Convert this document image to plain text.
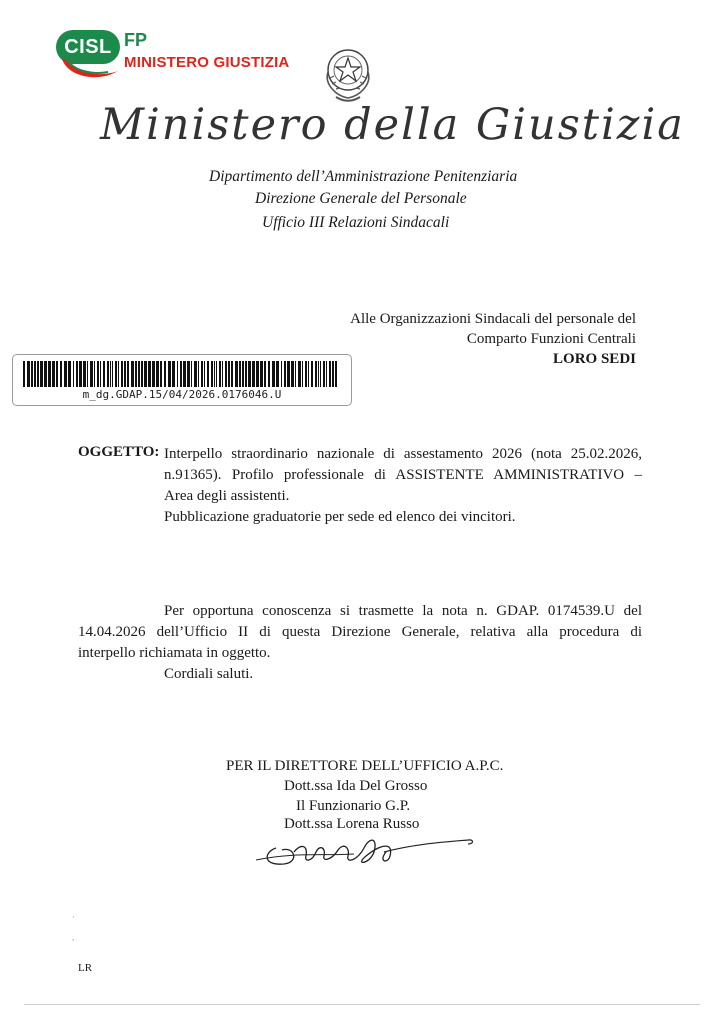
CISL FP
MINISTERO GIUSTIZIA
Ministero della Giustizia
Dipartimento dell’Amministrazione Penitenziaria
Direzione Generale del Personale
Ufficio III Relazioni Sindacali
Alle Organizzazioni Sindacali del personale del
Comparto Funzioni Centrali
LORO SEDI
m_dg.GDAP.15/04/2026.0176046.U
OGGETTO: Interpello straordinario nazionale di assestamento 2026 (nota 25.02.2026,
n.91365). Profilo professionale di ASSISTENTE AMMINISTRATIVO –
Area degli assistenti.
Pubblicazione graduatorie per sede ed elenco dei vincitori.
Per opportuna conoscenza si trasmette la nota n. GDAP. 0174539.U del
14.04.2026 dell’Ufficio II di questa Direzione Generale, relativa alla procedura di
interpello richiamata in oggetto.
Cordiali saluti.
PER IL DIRETTORE DELL’UFFICIO A.P.C.
Dott.ssa Ida Del Grosso
Il Funzionario G.P.
Dott.ssa Lorena Russo
·

,
LR
